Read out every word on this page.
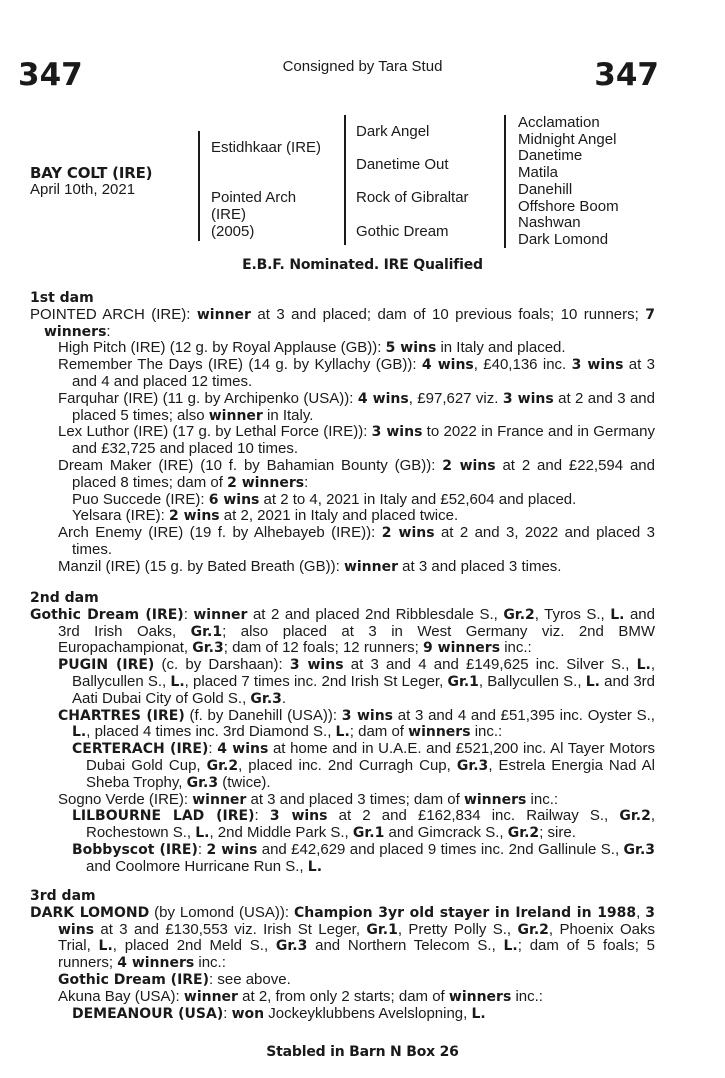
347	Consigned by Tara Stud	347
BAY COLT (IRE)
April 10th, 2021
Estidhkaar (IRE)
Pointed Arch
(IRE)
(2005)
Dark Angel
Danetime Out
Rock of Gibraltar
Gothic Dream
Acclamation
Midnight Angel
Danetime
Matila
Danehill
Offshore Boom
Nashwan
Dark Lomond
E.B.F. Nominated. IRE Qualified
1st dam

POINTED ARCH (IRE): winner at 3 and placed; dam of 10 previous foals; 10 runners; 7 winners:

High Pitch (IRE) (12 g. by Royal Applause (GB)): 5 wins in Italy and placed.

Remember The Days (IRE) (14 g. by Kyllachy (GB)): 4 wins, £40,136 inc. 3 wins at 3 and 4 and placed 12 times.

Farquhar (IRE) (11 g. by Archipenko (USA)): 4 wins, £97,627 viz. 3 wins at 2 and 3 and placed 5 times; also winner in Italy.

Lex Luthor (IRE) (17 g. by Lethal Force (IRE)): 3 wins to 2022 in France and in Germany and £32,725 and placed 10 times.

Dream Maker (IRE) (10 f. by Bahamian Bounty (GB)): 2 wins at 2 and £22,594 and placed 8 times; dam of 2 winners:

Puo Succede (IRE): 6 wins at 2 to 4, 2021 in Italy and £52,604 and placed.

Yelsara (IRE): 2 wins at 2, 2021 in Italy and placed twice.

Arch Enemy (IRE) (19 f. by Alhebayeb (IRE)): 2 wins at 2 and 3, 2022 and placed 3 times.

Manzil (IRE) (15 g. by Bated Breath (GB)): winner at 3 and placed 3 times.

2nd dam

Gothic Dream (IRE): winner at 2 and placed 2nd Ribblesdale S., Gr.2, Tyros S., L. and 3rd Irish Oaks, Gr.1; also placed at 3 in West Germany viz. 2nd BMW Europachampionat, Gr.3; dam of 12 foals; 12 runners; 9 winners inc.:

PUGIN (IRE) (c. by Darshaan): 3 wins at 3 and 4 and £149,625 inc. Silver S., L., Ballycullen S., L., placed 7 times inc. 2nd Irish St Leger, Gr.1, Ballycullen S., L. and 3rd Aati Dubai City of Gold S., Gr.3.

CHARTRES (IRE) (f. by Danehill (USA)): 3 wins at 3 and 4 and £51,395 inc. Oyster S., L., placed 4 times inc. 3rd Diamond S., L.; dam of winners inc.:

CERTERACH (IRE): 4 wins at home and in U.A.E. and £521,200 inc. Al Tayer Motors Dubai Gold Cup, Gr.2, placed inc. 2nd Curragh Cup, Gr.3, Estrela Energia Nad Al Sheba Trophy, Gr.3 (twice).

Sogno Verde (IRE): winner at 3 and placed 3 times; dam of winners inc.:

LILBOURNE LAD (IRE): 3 wins at 2 and £162,834 inc. Railway S., Gr.2, Rochestown S., L., 2nd Middle Park S., Gr.1 and Gimcrack S., Gr.2; sire.

Bobbyscot (IRE): 2 wins and £42,629 and placed 9 times inc. 2nd Gallinule S., Gr.3 and Coolmore Hurricane Run S., L.

3rd dam

DARK LOMOND (by Lomond (USA)): Champion 3yr old stayer in Ireland in 1988, 3 wins at 3 and £130,553 viz. Irish St Leger, Gr.1, Pretty Polly S., Gr.2, Phoenix Oaks Trial, L., placed 2nd Meld S., Gr.3 and Northern Telecom S., L.; dam of 5 foals; 5 runners; 4 winners inc.:

Gothic Dream (IRE): see above.

Akuna Bay (USA): winner at 2, from only 2 starts; dam of winners inc.:

DEMEANOUR (USA): won Jockeyklubbens Avelslopning, L.

Stabled in Barn N Box 26
